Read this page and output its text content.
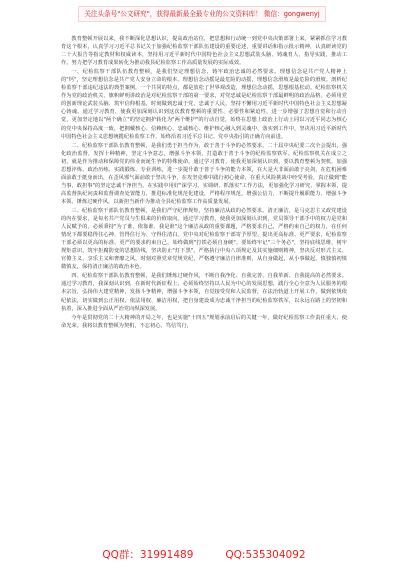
关注头条号"公文研究"，获得最新最全最专业的公文资料库！ 微信：gongwenyj

教育整顿开展以来，我不断深化思想认识，提高政治站位，把思想和行动统一到党中央决策部署上来，紧紧抓住学习教育这个根本，认真学习习近平总书记关于加强纪检监察干部队伍建设的重要论述，重要讲话和指示批示精神，认真研读党的二十大报告等指定教材和权威读本，坚持用习近平新时代中国特色社会主义思想武装头脑、铸魂育人、指导实践，推动工作。努力把学习教育成果转化为推动我县纪检监察工作高质量发展的实际成效。

一、纪检监察干部队伍教育整顿，是我们坚定理想信念，铸牢政治忠诚的必然要求。理想信念是共产党人精神上的"钙"，坚定理想信念是共产党人安身立命的根本。理想信念动摇是最危险的动摇，理想信念滑坡是最危险的滑坡。剖析纪检监察干部违纪违法的典型案例，一个共同的特点，都是放松了世界观改造，理想信念动摇，思想根基松动。纪检监察机关作为党的政治机关，旗帜鲜明讲政治是对纪检监察干部的第一要求，对党忠诚是纪检监察干部最鲜明的政治品格。必须用党的创新理论武装头脑、筑牢信仰根基，时刻做到忠诚于党、忠诚于人民，坚持不懈用习近平新时代中国特色社会主义思想凝心铸魂。通过学习教育，使我更加深刻认识到这次教育整顿的重要性、必要性和紧迫性，进一步增强了思想自觉和行动自觉，更加坚定地以"两个确立"的坚定拥护转化为"两个维护"的行动自觉，始终在思想上政治上行动上同以习近平同志为核心的党中央保持高度一致，把拥戴核心、信赖核心、忠诚核心、维护核心融入到灵魂中、落实到工作中，坚决用习近平新时代中国特色社会主义思想统揽纪检监察工作，始终沿着习近平总书记、党中央指引的正确方向前进。

二、纪检监察干部队伍教育整顿，是我们勇于担当作为，敢于善于斗争的必然要求。二十届中央纪委二次全会提出，强化政治监督，发挥十种精神，坚定斗争意志，增强斗争本领，打造敢于善于斗争的纪检监察铁军。纪检监察机关在成立之初，就是作为推动和保障党的伟业而诞生争的特殊使命。通过学习教育，使我更加深刻认识到，要以教育整顿为契机，加强思想淬炼、政治历练、实践锻炼、专业训练，进一步提升敢于善于斗争的能力本领，在大是大非面前敢于亮剑，在危机困难面前敢于挺身而出，在歪风邪气面前敢于坚决斗争，在攻坚克难中践行初心使命，在重大风险挑战中经受考验，真正做到"能当事，敢担事"的坚定忠诚干净担当。在实践中用好"深学习、实调研、抓落实"工作方法，更加强化学习研究、掌握本领，提高监督执纪问责和监督调查处置能力，推进标准化规范化建设，严格程序规范，增强公信力，不断提升履职能力、增强斗争本领、锤炼过硬作风，以新担当新作为推动全县纪检监察工作高质量发展。

三、纪检监察干部队伍教育整顿，是我们严守纪律规矩，坚持廉洁从政的必然要求。清正廉洁，是马克思主义政党建设的内在要求，是每名共产党员与生俱来的价值取向。通过学习教育，使我更加深刻认识到，党员领导干部手中的权力是党和人民赋予的，必须秉持"为了谁、依靠谁、我是谁"这个廉洁从政的重要课题，严格要求自己，严格约束自己的权力，在任何情况下都要稳得住心神、管得住行为、守得住清白。党中央对纪检监察干部寄予厚望、提出更高标准、更严要求，纪检监察干部必须以更高的标准、更严的要求约束自己，始终做到"打铁必须自身硬"。要始终牢记"三个务必"，坚持底线思维，树牢规矩意识，筑牢拒腐防变的思想防线，坚决防止"灯下黑"。严格执行中央八项规定及其实施细则精神，坚决反对形式主义、官僚主义、享乐主义和奢靡之风，时刻对照党章党规党纪，严格遵守廉洁自律准则，从自身做起，从小事做起，慎独慎初慎微慎友，保持清正廉洁的政治本色。

四、纪检监察干部队伍教育整顿，是我们锤炼过硬作风，不断自我净化、自我完善、自我革新、自我提高的必然要求。通过学习教育，我深刻认识到，在新时代新征程上，必须始终坚持以人民为中心的发展思想，践行全心全意为人民服务的根本宗旨，弘扬伟大建党精神，发扬斗争精神，增强斗争本领，自觉接受党和人民监督，在法治轨道上开展工作，做到依规依纪依法，切实做到公正用权、依法用权、廉洁用权，把自身建设成为忠诚干净担当的纪检监察铁军，以永远在路上的坚韧和执着，深入推进全面从严治党向纵深发展。

今年是贯彻党的二十大精神的开局之年，也是实施"十四五"规划承前启后的关键一年，做好纪检监察工作责任重大、使命光荣。我将以教育整顿为契机，不忘初心、笃信笃行，

QQ群：31991489	QQ:535304092
